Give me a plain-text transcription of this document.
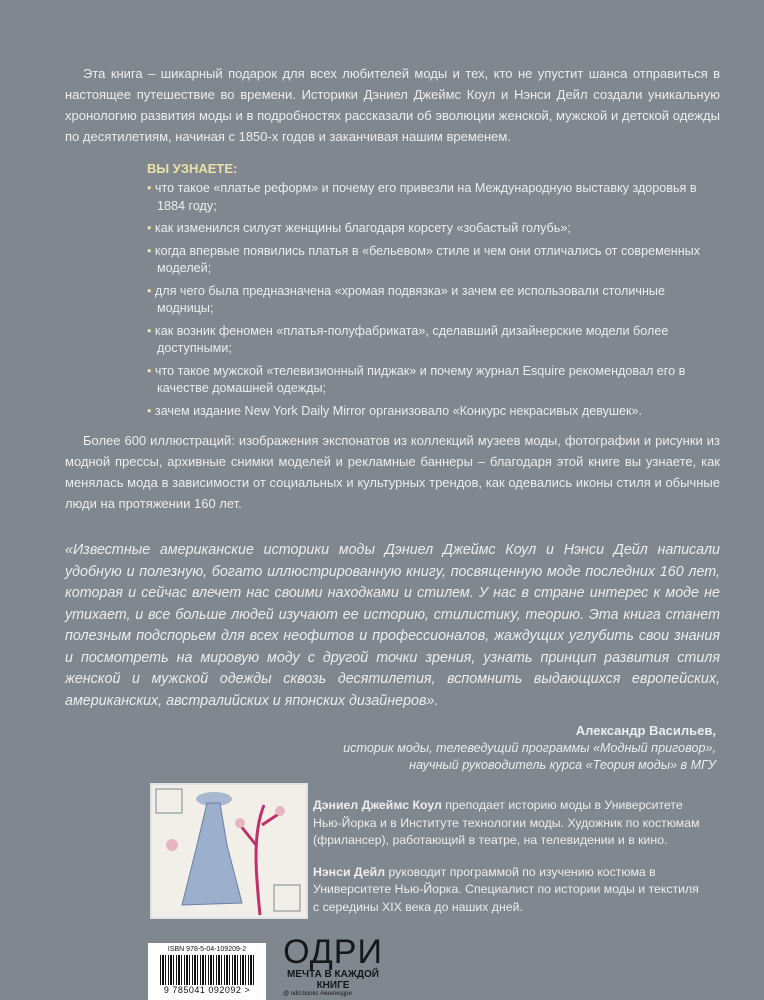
Эта книга – шикарный подарок для всех любителей моды и тех, кто не упустит шанса отправиться в настоящее путешествие во времени. Историки Дэниел Джеймс Коул и Нэнси Дейл создали уникальную хронологию развития моды и в подробностях рассказали об эволюции женской, мужской и детской одежды по десятилетиям, начиная с 1850-х годов и заканчивая нашим временем.

ВЫ УЗНАЕТЕ:
• что такое «платье реформ» и почему его привезли на Международную выставку здоровья в 1884 году;
• как изменился силуэт женщины благодаря корсету «зобастый голубь»;
• когда впервые появились платья в «бельевом» стиле и чем они отличались от современных моделей;
• для чего была предназначена «хромая подвязка» и зачем ее использовали столичные модницы;
• как возник феномен «платья-полуфабриката», сделавший дизайнерские модели более доступными;
• что такое мужской «телевизионный пиджак» и почему журнал Esquire рекомендовал его в качестве домашней одежды;
• зачем издание New York Daily Mirror организовало «Конкурс некрасивых девушек».

Более 600 иллюстраций: изображения экспонатов из коллекций музеев моды, фотографии и рисунки из модной прессы, архивные снимки моделей и рекламные баннеры – благодаря этой книге вы узнаете, как менялась мода в зависимости от социальных и культурных трендов, как одевались иконы стиля и обычные люди на протяжении 160 лет.

«Известные американские историки моды Дэниел Джеймс Коул и Нэнси Дейл написали удобную и полезную, богато иллюстрированную книгу, посвященную моде последних 160 лет, которая и сейчас влечет нас своими находками и стилем. У нас в стране интерес к моде не утихает, и все больше людей изучают ее историю, стилистику, теорию. Эта книга станет полезным подспорьем для всех неофитов и профессионалов, жаждущих углубить свои знания и посмотреть на мировую моду с другой точки зрения, узнать принцип развития стиля женской и мужской одежды сквозь десятилетия, вспомнить выдающихся европейских, американских, австралийских и японских дизайнеров».
Александр Васильев,
историк моды, телеведущий программы «Модный приговор»,
научный руководитель курса «Теория моды» в МГУ

Дэниел Джеймс Коул преподает историю моды в Университете Нью-Йорка и в Институте технологии моды. Художник по костюмам (фрилансер), работающий в театре, на телевидении и в кино.

Нэнси Дейл руководит программой по изучению костюма в Университете Нью-Йорка. Специалист по истории моды и текстиля с середины XIX века до наших дней.

ISBN 978-5-04-109209-2
9 785041 092092 >
ОДРИ
МЕЧТА В КАЖДОЙ КНИГЕ
@ odri.books #книгиодри
